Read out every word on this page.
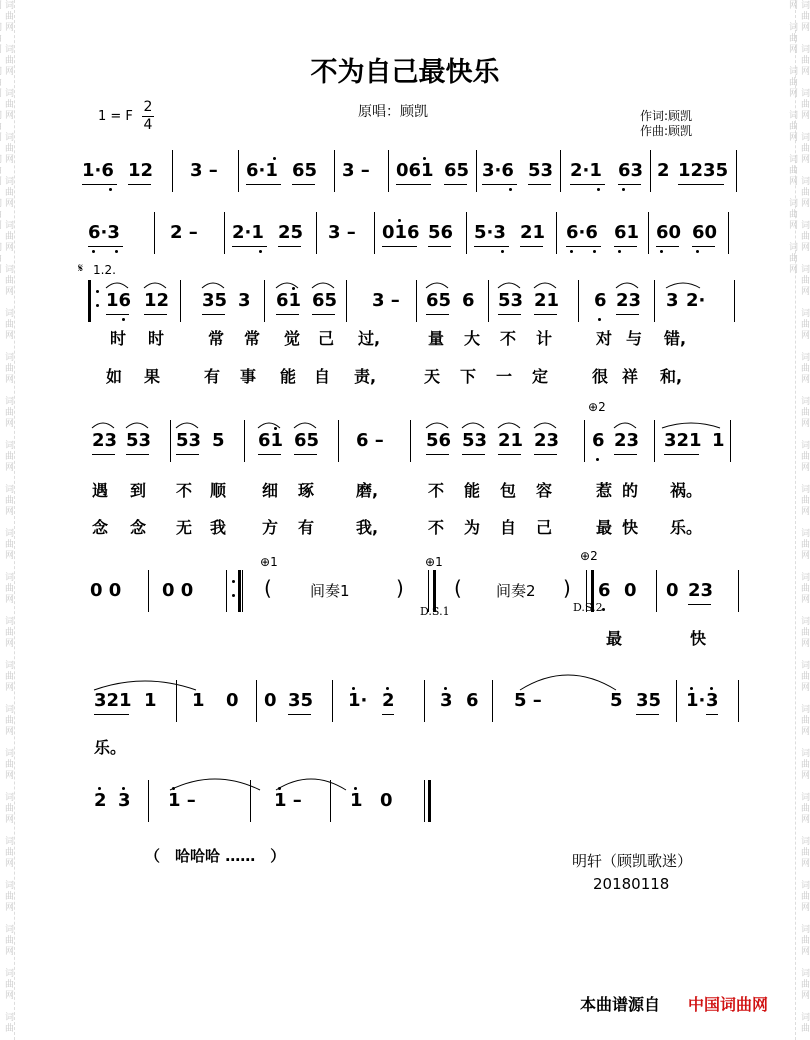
词曲网　词曲网　词曲网　词曲网　词曲网　词曲网　词曲网　词曲网　词曲网　词曲网　词曲网　词曲网　词曲网　词曲网　词曲网　词曲网　词曲网　词曲网　词曲网　词曲网　词曲网　词曲网　词曲网　词曲　　　　　　　	词曲网　词曲网　词曲网　词曲网　词曲网　词曲网　词曲网　词曲网　词曲网　词曲网　词曲网　词曲网　词曲网　词曲网　词曲网　词曲网　词曲网　词曲网　词曲网　词曲网　词曲网　词曲网　词曲网　词曲网　词曲网　词曲网　词曲网　词曲网　词曲网　词曲网　
不为自己最快乐
1 = F
2
4
原唱：顾凯	作词:顾凯
作曲:顾凯
1·6 12 3 – 6·1 65 3 – 061 65 3·6 53 2·1 63 2 1235
6·3	2 – 2·1 25 3 – 016 56 5·3 21 6·6 61 60 60
16 12 35 3 61 65 3 – 65 6 53 21 6 23 3 2·
23 53 53 5 61 65 6 – 56 53 21 23 6 23 321 1
0 0 0 0	6 0 0 23
321 1 1 0 0 35 1· 2	3 6 5 –	5 35 1· 3
2 3 1 –	1 –	1 0
时 时	常 常 觉 己 过,	量 大 不 计	对 与 错,
如 果	有 事 能 自 责,	天 下 一 定	很 祥 和,
遇 到 不 顺 细 琢	磨,	不 能 包 容	惹 的 祸。
念 念 无 我 方 有	我,	不 为 自 己	最 快 乐。
最	快
乐。
𝄋 1.2.
⊕1	⊕1	⊕2
⊕2
间奏1	间奏2
(	)	(	)
D.S.1	D.S.2
（　哈哈哈 ……　）	明轩（顾凯歌迷）
20180118
本曲谱源自 中国词曲网
